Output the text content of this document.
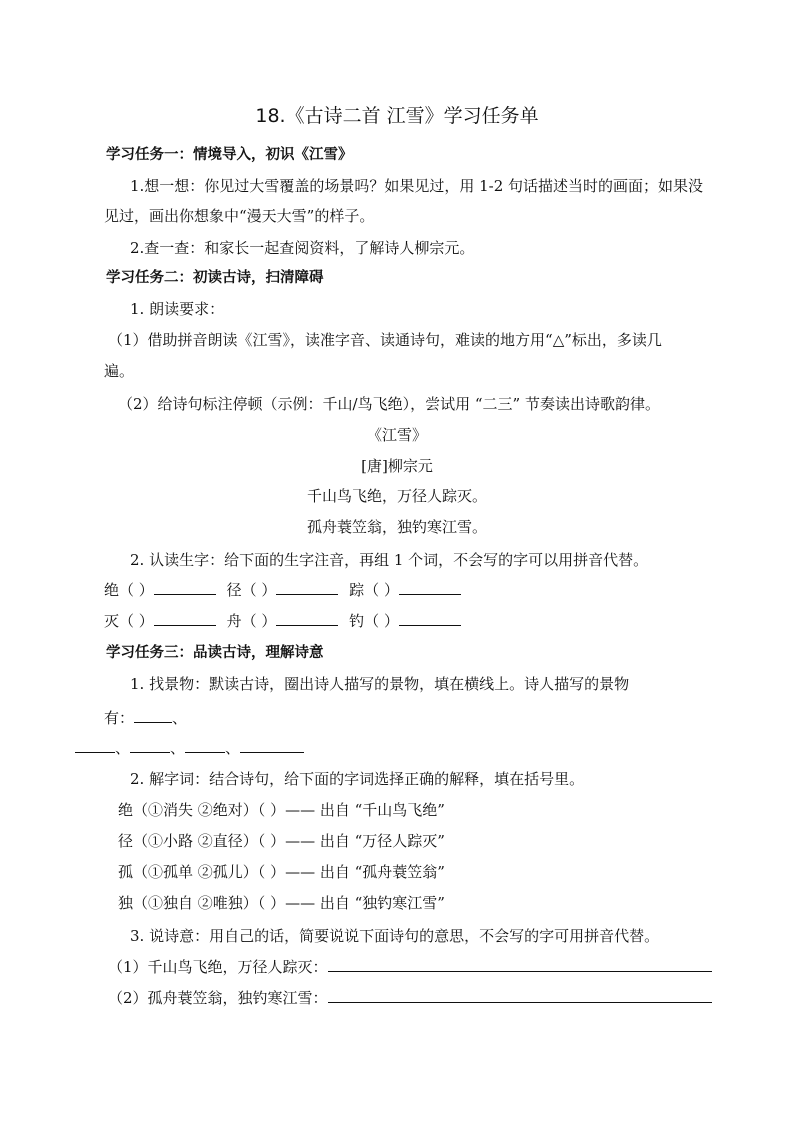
18.《古诗二首 江雪》学习任务单
学习任务一：情境导入，初识《江雪》
1.想一想：你见过大雪覆盖的场景吗？如果见过，用 1-2 句话描述当时的画面；如果没
见过，画出你想象中“漫天大雪”的样子。
2.查一查：和家长一起查阅资料，了解诗人柳宗元。
学习任务二：初读古诗，扫清障碍
1. 朗读要求：
（1）借助拼音朗读《江雪》，读准字音、读通诗句，难读的地方用“△”标出，多读几
遍。
（2）给诗句标注停顿（示例：千山/鸟飞绝），尝试用 “二三” 节奏读出诗歌韵律。
《江雪》
[唐]柳宗元
千山鸟飞绝，万径人踪灭。
孤舟蓑笠翁，独钓寒江雪。
2. 认读生字：给下面的生字注音，再组 1 个词，不会写的字可以用拼音代替。
绝（ ）	径（ ）	踪（ ）
灭（ ）	舟（ ）	钓（ ）
学习任务三：品读古诗，理解诗意
1. 找景物：默读古诗，圈出诗人描写的景物，填在横线上。诗人描写的景物
有：	、
、	、	、
2. 解字词：结合诗句，给下面的字词选择正确的解释，填在括号里。
绝（①消失 ②绝对）（ ）—— 出自 “千山鸟飞绝”
径（①小路 ②直径）（ ）—— 出自 “万径人踪灭”
孤（①孤单 ②孤儿）（ ）—— 出自 “孤舟蓑笠翁”
独（①独自 ②唯独）（ ）—— 出自 “独钓寒江雪”
3. 说诗意：用自己的话，简要说说下面诗句的意思，不会写的字可用拼音代替。
（1）千山鸟飞绝，万径人踪灭：
（2）孤舟蓑笠翁，独钓寒江雪：
